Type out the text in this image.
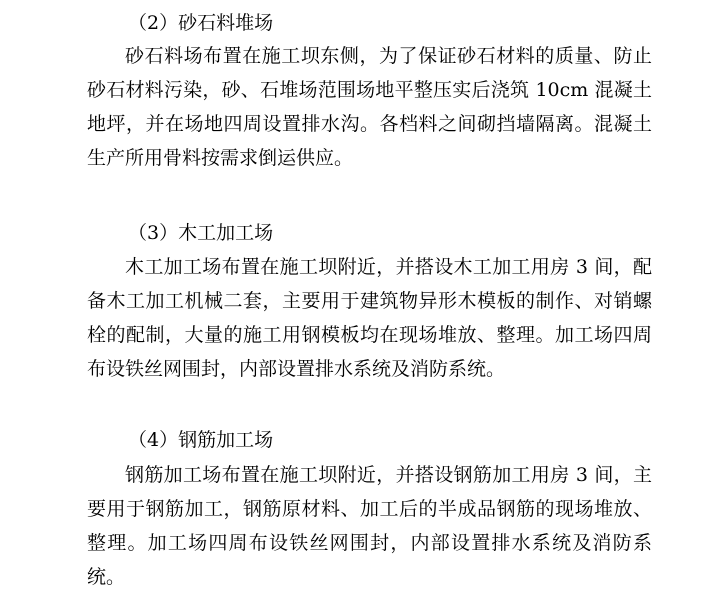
（2）砂石料堆场

砂石料场布置在施工坝东侧，为了保证砂石材料的质量、防止砂石材料污染，砂、石堆场范围场地平整压实后浇筑 10cm 混凝土地坪，并在场地四周设置排水沟。各档料之间砌挡墙隔离。混凝土生产所用骨料按需求倒运供应。

（3）木工加工场

木工加工场布置在施工坝附近，并搭设木工加工用房 3 间，配备木工加工机械二套，主要用于建筑物异形木模板的制作、对销螺栓的配制，大量的施工用钢模板均在现场堆放、整理。加工场四周布设铁丝网围封，内部设置排水系统及消防系统。

（4）钢筋加工场

钢筋加工场布置在施工坝附近，并搭设钢筋加工用房 3 间，主要用于钢筋加工，钢筋原材料、加工后的半成品钢筋的现场堆放、整理。加工场四周布设铁丝网围封，内部设置排水系统及消防系统。
